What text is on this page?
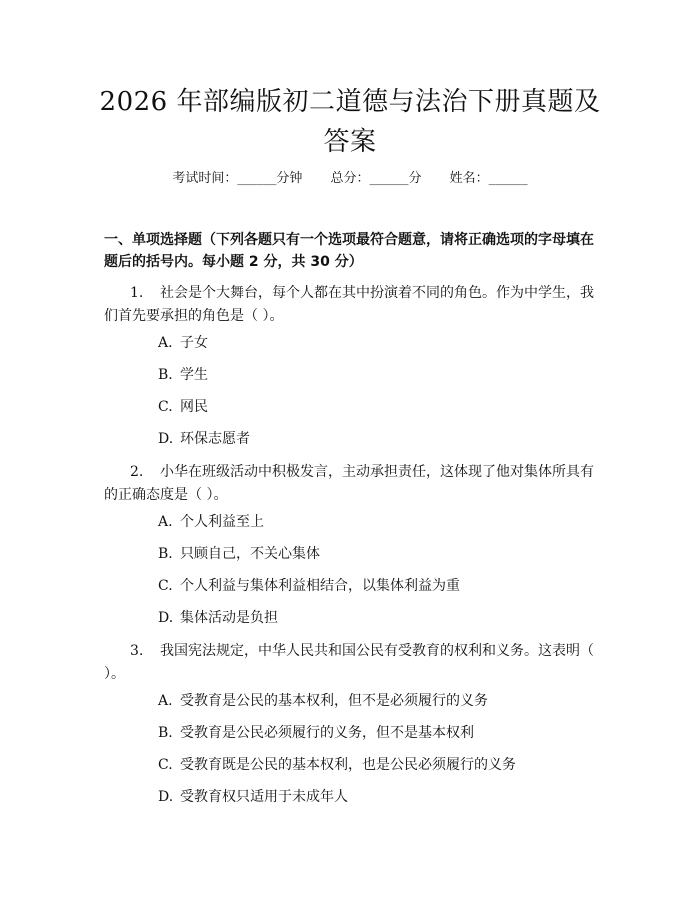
2026 年部编版初二道德与法治下册真题及答案
考试时间：______分钟 总分：______分 姓名：______
一、单项选择题（下列各题只有一个选项最符合题意，请将正确选项的字母填在题后的括号内。每小题 2 分，共 30 分）
1. 社会是个大舞台，每个人都在其中扮演着不同的角色。作为中学生，我们首先要承担的角色是（ ）。
A. 子女
B. 学生
C. 网民
D. 环保志愿者
2. 小华在班级活动中积极发言，主动承担责任，这体现了他对集体所具有的正确态度是（ ）。
A. 个人利益至上
B. 只顾自己，不关心集体
C. 个人利益与集体利益相结合，以集体利益为重
D. 集体活动是负担
3. 我国宪法规定，中华人民共和国公民有受教育的权利和义务。这表明（ ）。
A. 受教育是公民的基本权利，但不是必须履行的义务
B. 受教育是公民必须履行的义务，但不是基本权利
C. 受教育既是公民的基本权利，也是公民必须履行的义务
D. 受教育权只适用于未成年人
